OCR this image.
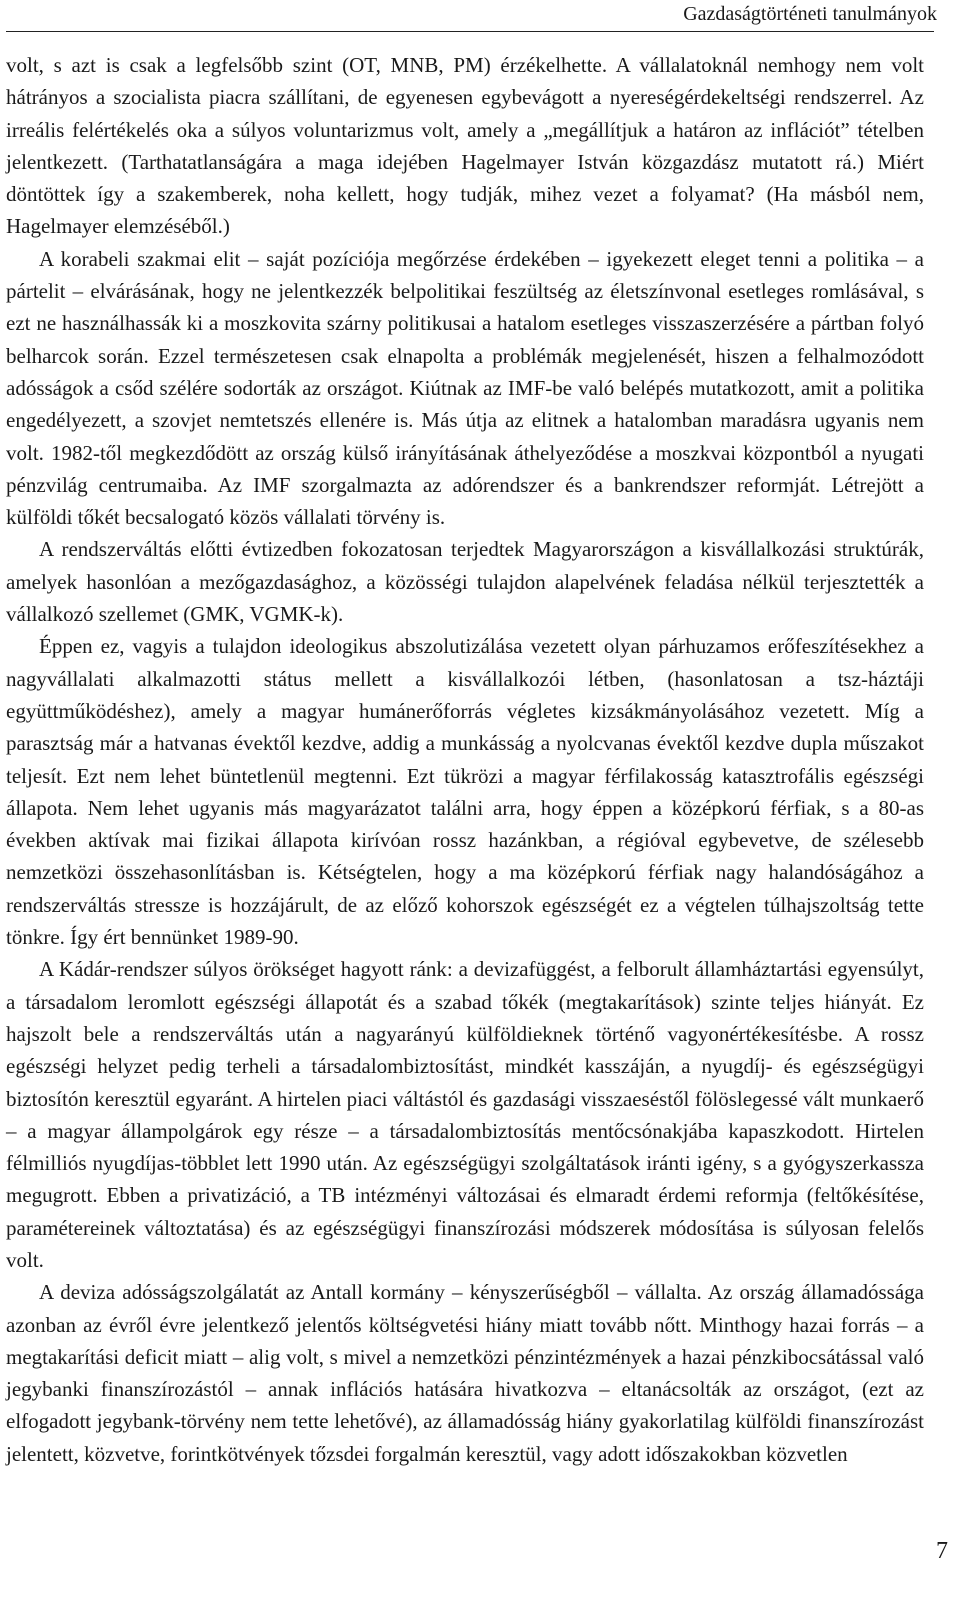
Gazdaságtörténeti tanulmányok

volt, s azt is csak a legfelsőbb szint (OT, MNB, PM) érzékelhette. A vállalatoknál nemhogy nem volt hátrányos a szocialista piacra szállítani, de egyenesen egybevágott a nyereségérdekeltségi rendszerrel. Az irreális felértékelés oka a súlyos voluntarizmus volt, amely a „megállítjuk a határon az inflációt” tételben jelentkezett. (Tarthatatlanságára a maga idejében Hagelmayer István közgazdász mutatott rá.) Miért döntöttek így a szakemberek, noha kellett, hogy tudják, mihez vezet a folyamat? (Ha másból nem, Hagelmayer elemzéséből.)

A korabeli szakmai elit – saját pozíciója megőrzése érdekében – igyekezett eleget tenni a politika – a pártelit – elvárásának, hogy ne jelentkezzék belpolitikai feszültség az életszínvonal esetleges romlásával, s ezt ne használhassák ki a moszkovita szárny politikusai a hatalom esetleges visszaszerzésére a pártban folyó belharcok során. Ezzel természetesen csak elnapolta a problémák megjelenését, hiszen a felhalmozódott adósságok a csőd szélére sodorták az országot. Kiútnak az IMF-be való belépés mutatkozott, amit a politika engedélyezett, a szovjet nemtetszés ellenére is. Más útja az elitnek a hatalomban maradásra ugyanis nem volt. 1982-től megkezdődött az ország külső irányításának áthelyeződése a moszkvai központból a nyugati pénzvilág centrumaiba. Az IMF szorgalmazta az adórendszer és a bankrendszer reformját. Létrejött a külföldi tőkét becsalogató közös vállalati törvény is.

A rendszerváltás előtti évtizedben fokozatosan terjedtek Magyarországon a kisvállalkozási struktúrák, amelyek hasonlóan a mezőgazdasághoz, a közösségi tulajdon alapelvének feladása nélkül terjesztették a vállalkozó szellemet (GMK, VGMK-k).

Éppen ez, vagyis a tulajdon ideologikus abszolutizálása vezetett olyan párhuzamos erőfeszítésekhez a nagyvállalati alkalmazotti státus mellett a kisvállalkozói létben, (hasonlatosan a tsz-háztáji együttműködéshez), amely a magyar humánerőforrás végletes kizsákmányolásához vezetett. Míg a parasztság már a hatvanas évektől kezdve, addig a munkásság a nyolcvanas évektől kezdve dupla műszakot teljesít. Ezt nem lehet büntetlenül megtenni. Ezt tükrözi a magyar férfilakosság katasztrofális egészségi állapota. Nem lehet ugyanis más magyarázatot találni arra, hogy éppen a középkorú férfiak, s a 80-as években aktívak mai fizikai állapota kirívóan rossz hazánkban, a régióval egybevetve, de szélesebb nemzetközi összehasonlításban is. Kétségtelen, hogy a ma középkorú férfiak nagy halandóságához a rendszerváltás stresszе is hozzájárult, de az előző kohorszok egészségét ez a végtelen túlhajszoltság tette tönkre. Így ért bennünket 1989-90.

A Kádár-rendszer súlyos örökséget hagyott ránk: a devizafüggést, a felborult államháztartási egyensúlyt, a társadalom leromlott egészségi állapotát és a szabad tőkék (megtakarítások) szinte teljes hiányát. Ez hajszolt bele a rendszerváltás után a nagyarányú külföldieknek történő vagyonértékesítésbe. A rossz egészségi helyzet pedig terheli a társadalombiztosítást, mindkét kasszáján, a nyugdíj- és egészségügyi biztosítón keresztül egyaránt. A hirtelen piaci váltástól és gazdasági visszaeséstől fölöslegessé vált munkaerő – a magyar állampolgárok egy része – a társadalombiztosítás mentőcsónakjába kapaszkodott. Hirtelen félmilliós nyugdíjas-többlet lett 1990 után. Az egészségügyi szolgáltatások iránti igény, s a gyógyszerkassza megugrott. Ebben a privatizáció, a TB intézményi változásai és elmaradt érdemi reformja (feltőkésítése, paramétereinek változtatása) és az egészségügyi finanszírozási módszerek módosítása is súlyosan felelős volt.

A deviza adósságszolgálatát az Antall kormány – kényszerűségből – vállalta. Az ország államadóssága azonban az évről évre jelentkező jelentős költségvetési hiány miatt tovább nőtt. Minthogy hazai forrás – a megtakarítási deficit miatt – alig volt, s mivel a nemzetközi pénzintézmények a hazai pénzkibocsátással való jegybanki finanszírozástól – annak inflációs hatására hivatkozva – eltanácsolták az országot, (ezt az elfogadott jegybank-törvény nem tette lehetővé), az államadósság hiány gyakorlatilag külföldi finanszírozást jelentett, közvetve, forintkötvények tőzsdei forgalmán keresztül, vagy adott időszakokban közvetlen

7
